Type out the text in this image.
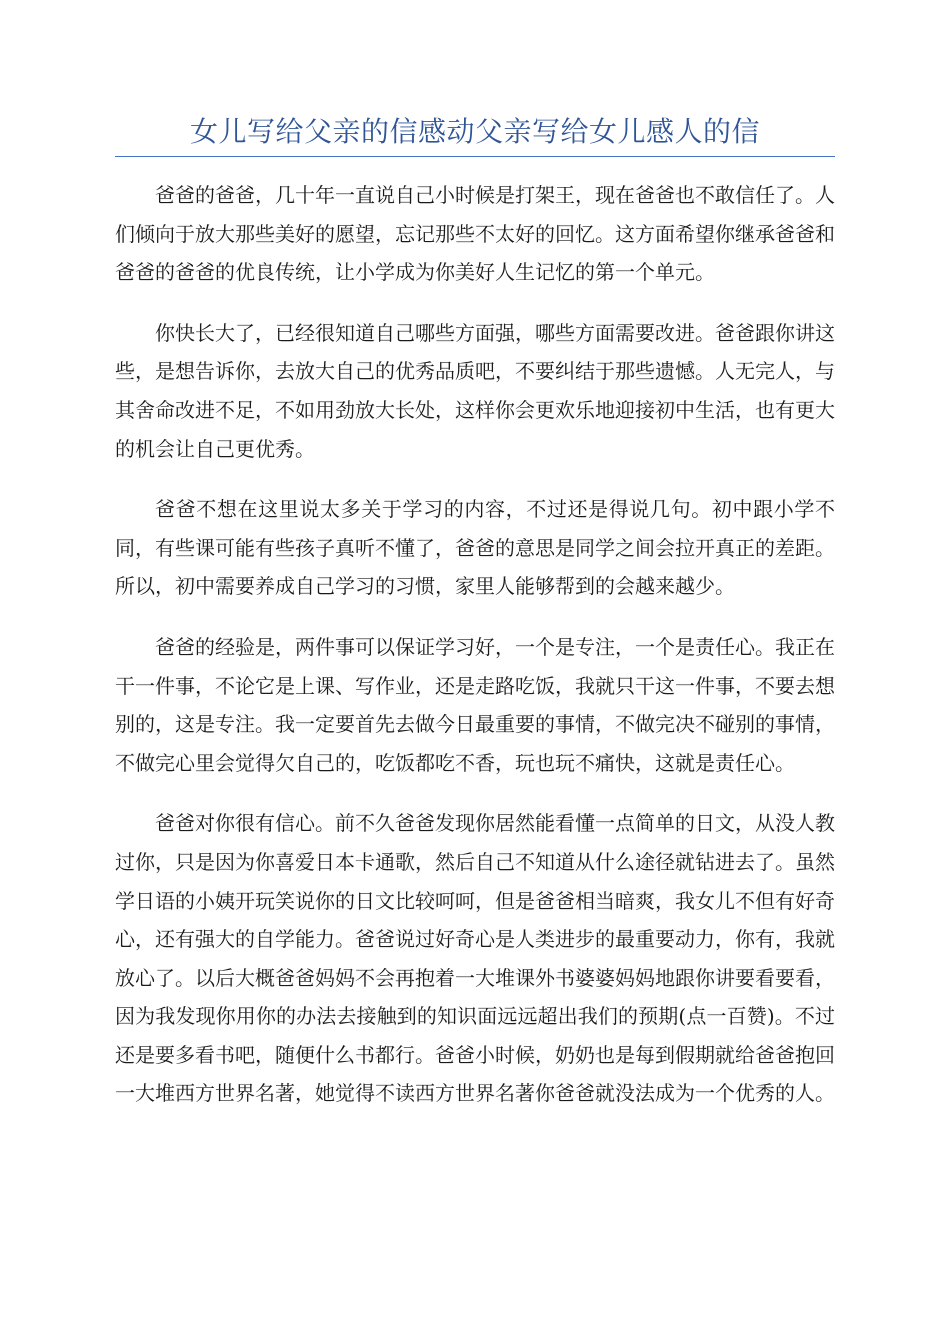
女儿写给父亲的信感动父亲写给女儿感人的信

爸爸的爸爸，几十年一直说自己小时候是打架王，现在爸爸也不敢信任了。人们倾向于放大那些美好的愿望，忘记那些不太好的回忆。这方面希望你继承爸爸和爸爸的爸爸的优良传统，让小学成为你美好人生记忆的第一个单元。

你快长大了，已经很知道自己哪些方面强，哪些方面需要改进。爸爸跟你讲这些，是想告诉你，去放大自己的优秀品质吧，不要纠结于那些遗憾。人无完人，与其舍命改进不足，不如用劲放大长处，这样你会更欢乐地迎接初中生活，也有更大的机会让自己更优秀。

爸爸不想在这里说太多关于学习的内容，不过还是得说几句。初中跟小学不同，有些课可能有些孩子真听不懂了，爸爸的意思是同学之间会拉开真正的差距。所以，初中需要养成自己学习的习惯，家里人能够帮到的会越来越少。

爸爸的经验是，两件事可以保证学习好，一个是专注，一个是责任心。我正在干一件事，不论它是上课、写作业，还是走路吃饭，我就只干这一件事，不要去想别的，这是专注。我一定要首先去做今日最重要的事情，不做完决不碰别的事情，不做完心里会觉得欠自己的，吃饭都吃不香，玩也玩不痛快，这就是责任心。

爸爸对你很有信心。前不久爸爸发现你居然能看懂一点简单的日文，从没人教过你，只是因为你喜爱日本卡通歌，然后自己不知道从什么途径就钻进去了。虽然学日语的小姨开玩笑说你的日文比较呵呵，但是爸爸相当暗爽，我女儿不但有好奇心，还有强大的自学能力。爸爸说过好奇心是人类进步的最重要动力，你有，我就放心了。以后大概爸爸妈妈不会再抱着一大堆课外书婆婆妈妈地跟你讲要看要看，因为我发现你用你的办法去接触到的知识面远远超出我们的预期(点一百赞)。不过还是要多看书吧，随便什么书都行。爸爸小时候，奶奶也是每到假期就给爸爸抱回一大堆西方世界名著，她觉得不读西方世界名著你爸爸就没法成为一个优秀的人。
